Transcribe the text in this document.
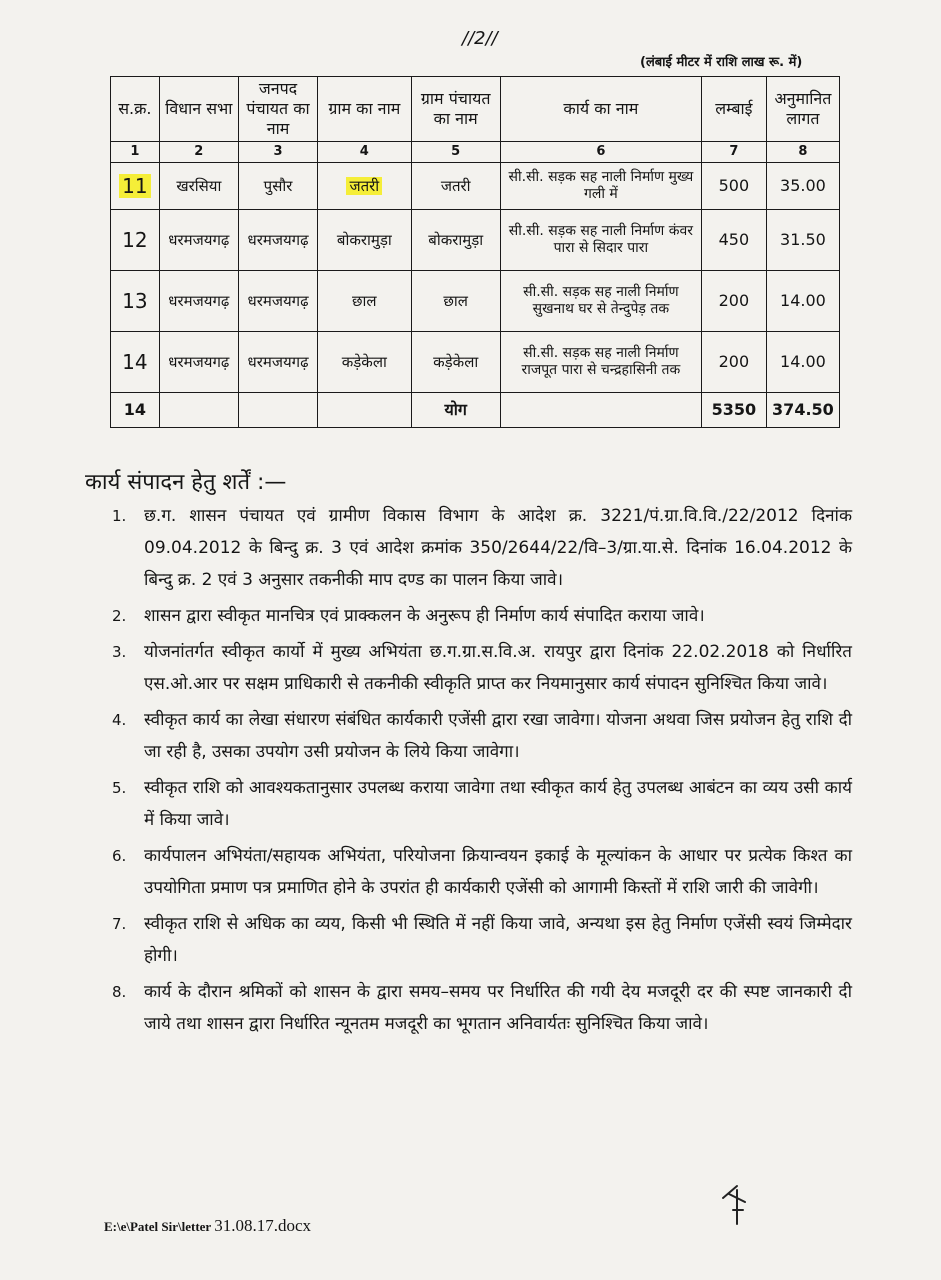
//2//
(लंबाई मीटर में राशि लाख रू. में)
स.क्र.	विधान सभा	जनपद पंचायत का नाम	ग्राम का नाम	ग्राम पंचायत का नाम	कार्य का नाम	लम्बाई	अनुमानित लागत
1	2	3	4	5	6	7	8
11	खरसिया	पुसौर	जतरी	जतरी	सी.सी. सड़क सह नाली निर्माण मुख्य गली में	500	35.00
12	धरमजयगढ़	धरमजयगढ़	बोकरामुड़ा	बोकरामुड़ा	सी.सी. सड़क सह नाली निर्माण कंवर पारा से सिदार पारा	450	31.50
13	धरमजयगढ़	धरमजयगढ़	छाल	छाल	सी.सी. सड़क सह नाली निर्माण सुखनाथ घर से तेन्दुपेड़ तक	200	14.00
14	धरमजयगढ़	धरमजयगढ़	कड़ेकेला	कड़ेकेला	सी.सी. सड़क सह नाली निर्माण राजपूत पारा से चन्द्रहासिनी तक	200	14.00
14				योग		5350	374.50
कार्य संपादन हेतु शर्तें :—
1. छ.ग. शासन पंचायत एवं ग्रामीण विकास विभाग के आदेश क्र. 3221/पं.ग्रा.वि.वि./22/2012 दिनांक 09.04.2012 के बिन्दु क्र. 3 एवं आदेश क्रमांक 350/2644/22/वि–3/ग्रा.या.से. दिनांक 16.04.2012 के बिन्दु क्र. 2 एवं 3 अनुसार तकनीकी माप दण्ड का पालन किया जावे।
2. शासन द्वारा स्वीकृत मानचित्र एवं प्राक्कलन के अनुरूप ही निर्माण कार्य संपादित कराया जावे।
3. योजनांतर्गत स्वीकृत कार्यो में मुख्य अभियंता छ.ग.ग्रा.स.वि.अ. रायपुर द्वारा दिनांक 22.02.2018 को निर्धारित एस.ओ.आर पर सक्षम प्राधिकारी से तकनीकी स्वीकृति प्राप्त कर नियमानुसार कार्य संपादन सुनिश्चित किया जावे।
4. स्वीकृत कार्य का लेखा संधारण संबंधित कार्यकारी एजेंसी द्वारा रखा जावेगा। योजना अथवा जिस प्रयोजन हेतु राशि दी जा रही है, उसका उपयोग उसी प्रयोजन के लिये किया जावेगा।
5. स्वीकृत राशि को आवश्यकतानुसार उपलब्ध कराया जावेगा तथा स्वीकृत कार्य हेतु उपलब्ध आबंटन का व्यय उसी कार्य में किया जावे।
6. कार्यपालन अभियंता/सहायक अभियंता, परियोजना क्रियान्वयन इकाई के मूल्यांकन के आधार पर प्रत्येक किश्त का उपयोगिता प्रमाण पत्र प्रमाणित होने के उपरांत ही कार्यकारी एजेंसी को आगामी किस्तों में राशि जारी की जावेगी।
7. स्वीकृत राशि से अधिक का व्यय, किसी भी स्थिति में नहीं किया जावे, अन्यथा इस हेतु निर्माण एजेंसी स्वयं जिम्मेदार होगी।
8. कार्य के दौरान श्रमिकों को शासन के द्वारा समय–समय पर निर्धारित की गयी देय मजदूरी दर की स्पष्ट जानकारी दी जाये तथा शासन द्वारा निर्धारित न्यूनतम मजदूरी का भूगतान अनिवार्यतः सुनिश्चित किया जावे।
E:\e\Patel Sir\letter 31.08.17.docx
